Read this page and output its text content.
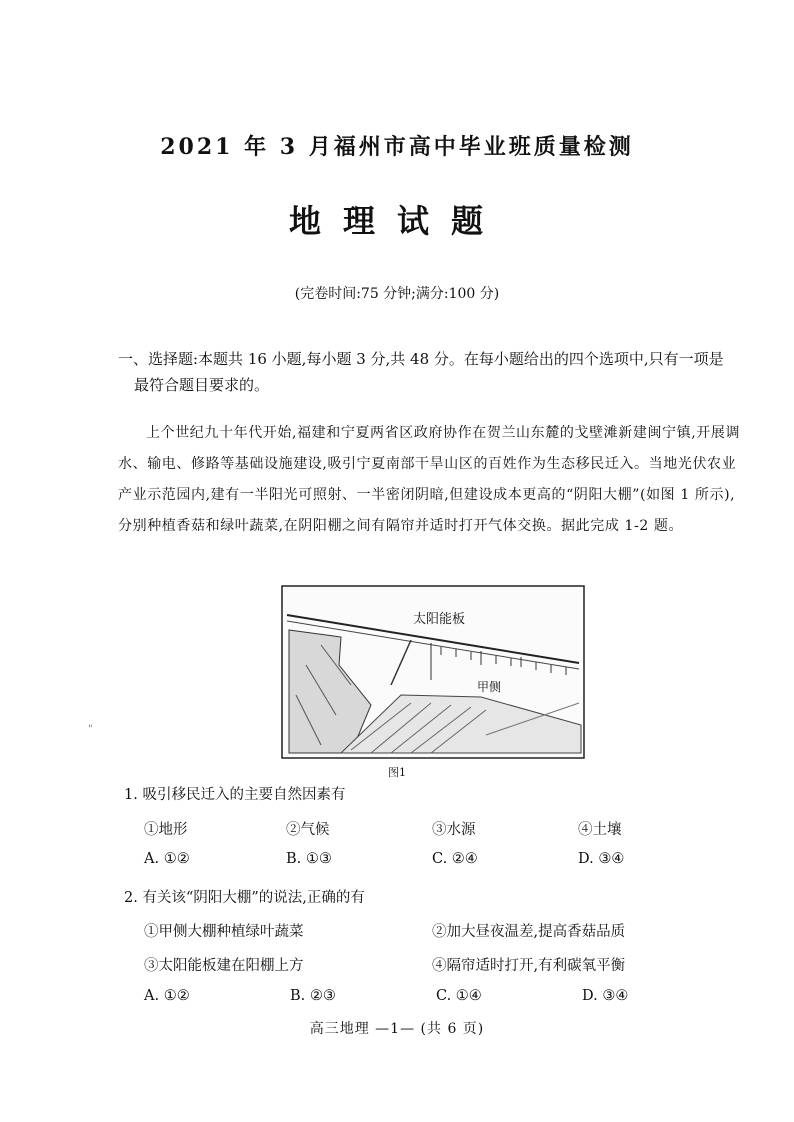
2021 年 3 月福州市高中毕业班质量检测
地理试题
(完卷时间:75 分钟;满分:100 分)
一、选择题:本题共 16 小题,每小题 3 分,共 48 分。在每小题给出的四个选项中,只有一项是
最符合题目要求的。
上个世纪九十年代开始,福建和宁夏两省区政府协作在贺兰山东麓的戈壁滩新建闽宁镇,开展调水、输电、修路等基础设施建设,吸引宁夏南部干旱山区的百姓作为生态移民迁入。当地光伏农业产业示范园内,建有一半阳光可照射、一半密闭阴暗,但建设成本更高的“阴阳大棚”(如图 1 所示),分别种植香菇和绿叶蔬菜,在阴阳棚之间有隔帘并适时打开气体交换。据此完成 1-2 题。
太阳能板
甲侧
图1
1. 吸引移民迁入的主要自然因素有
①地形	②气候	③水源	④土壤
A. ①②	B. ①③	C. ②④	D. ③④
2. 有关该“阴阳大棚”的说法,正确的有
①甲侧大棚种植绿叶蔬菜	②加大昼夜温差,提高香菇品质
③太阳能板建在阳棚上方	④隔帘适时打开,有利碳氧平衡
A. ①②	B. ②③	C. ①④	D. ③④
"
高三地理 —1— (共 6 页)
